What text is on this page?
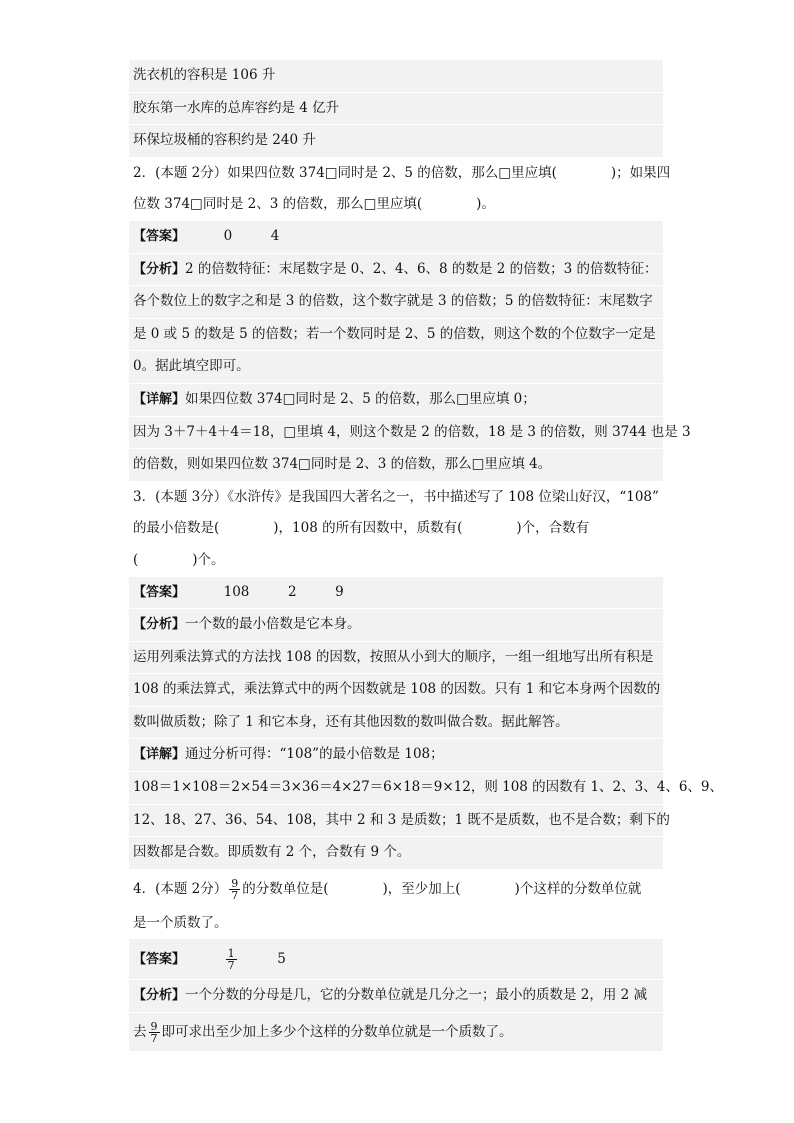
洗衣机的容积是 106 升
胶东第一水库的总库容约是 4 亿升
环保垃圾桶的容积约是 240 升
2．(本题 2分）如果四位数 374□同时是 2、5 的倍数，那么□里应填(　　　　)；如果四
位数 374□同时是 2、3 的倍数，那么□里应填(　　　　)。
【答案】	0	4
【分析】2 的倍数特征：末尾数字是 0、2、4、6、8 的数是 2 的倍数；3 的倍数特征：
各个数位上的数字之和是 3 的倍数，这个数字就是 3 的倍数；5 的倍数特征：末尾数字
是 0 或 5 的数是 5 的倍数；若一个数同时是 2、5 的倍数，则这个数的个位数字一定是
0。据此填空即可。
【详解】如果四位数 374□同时是 2、5 的倍数，那么□里应填 0；
因为 3＋7＋4＋4＝18，□里填 4，则这个数是 2 的倍数，18 是 3 的倍数，则 3744 也是 3
的倍数，则如果四位数 374□同时是 2、3 的倍数，那么□里应填 4。
3．(本题 3分）《水浒传》是我国四大著名之一，书中描述写了 108 位梁山好汉，“108”
的最小倍数是(　　　　)，108 的所有因数中，质数有(　　　　)个，合数有
(　　　　)个。
【答案】	108	2	9
【分析】一个数的最小倍数是它本身。
运用列乘法算式的方法找 108 的因数，按照从小到大的顺序，一组一组地写出所有积是
108 的乘法算式，乘法算式中的两个因数就是 108 的因数。只有 1 和它本身两个因数的
数叫做质数；除了 1 和它本身，还有其他因数的数叫做合数。据此解答。
【详解】通过分析可得：“108”的最小倍数是 108；
108＝1×108＝2×54＝3×36＝4×27＝6×18＝9×12，则 108 的因数有 1、2、3、4、6、9、
12、18、27、36、54、108，其中 2 和 3 是质数；1 既不是质数，也不是合数；剩下的
因数都是合数。即质数有 2 个，合数有 9 个。
4．(本题 2分） $\frac{9}{7}$ 的分数单位是(　　　　)，至少加上(　　　　)个这样的分数单位就
是一个质数了。
【答案】	$\frac{1}{7}$	5
【分析】一个分数的分母是几，它的分数单位就是几分之一；最小的质数是 2，用 2 减
去 $\frac{9}{7}$ 即可求出至少加上多少个这样的分数单位就是一个质数了。
